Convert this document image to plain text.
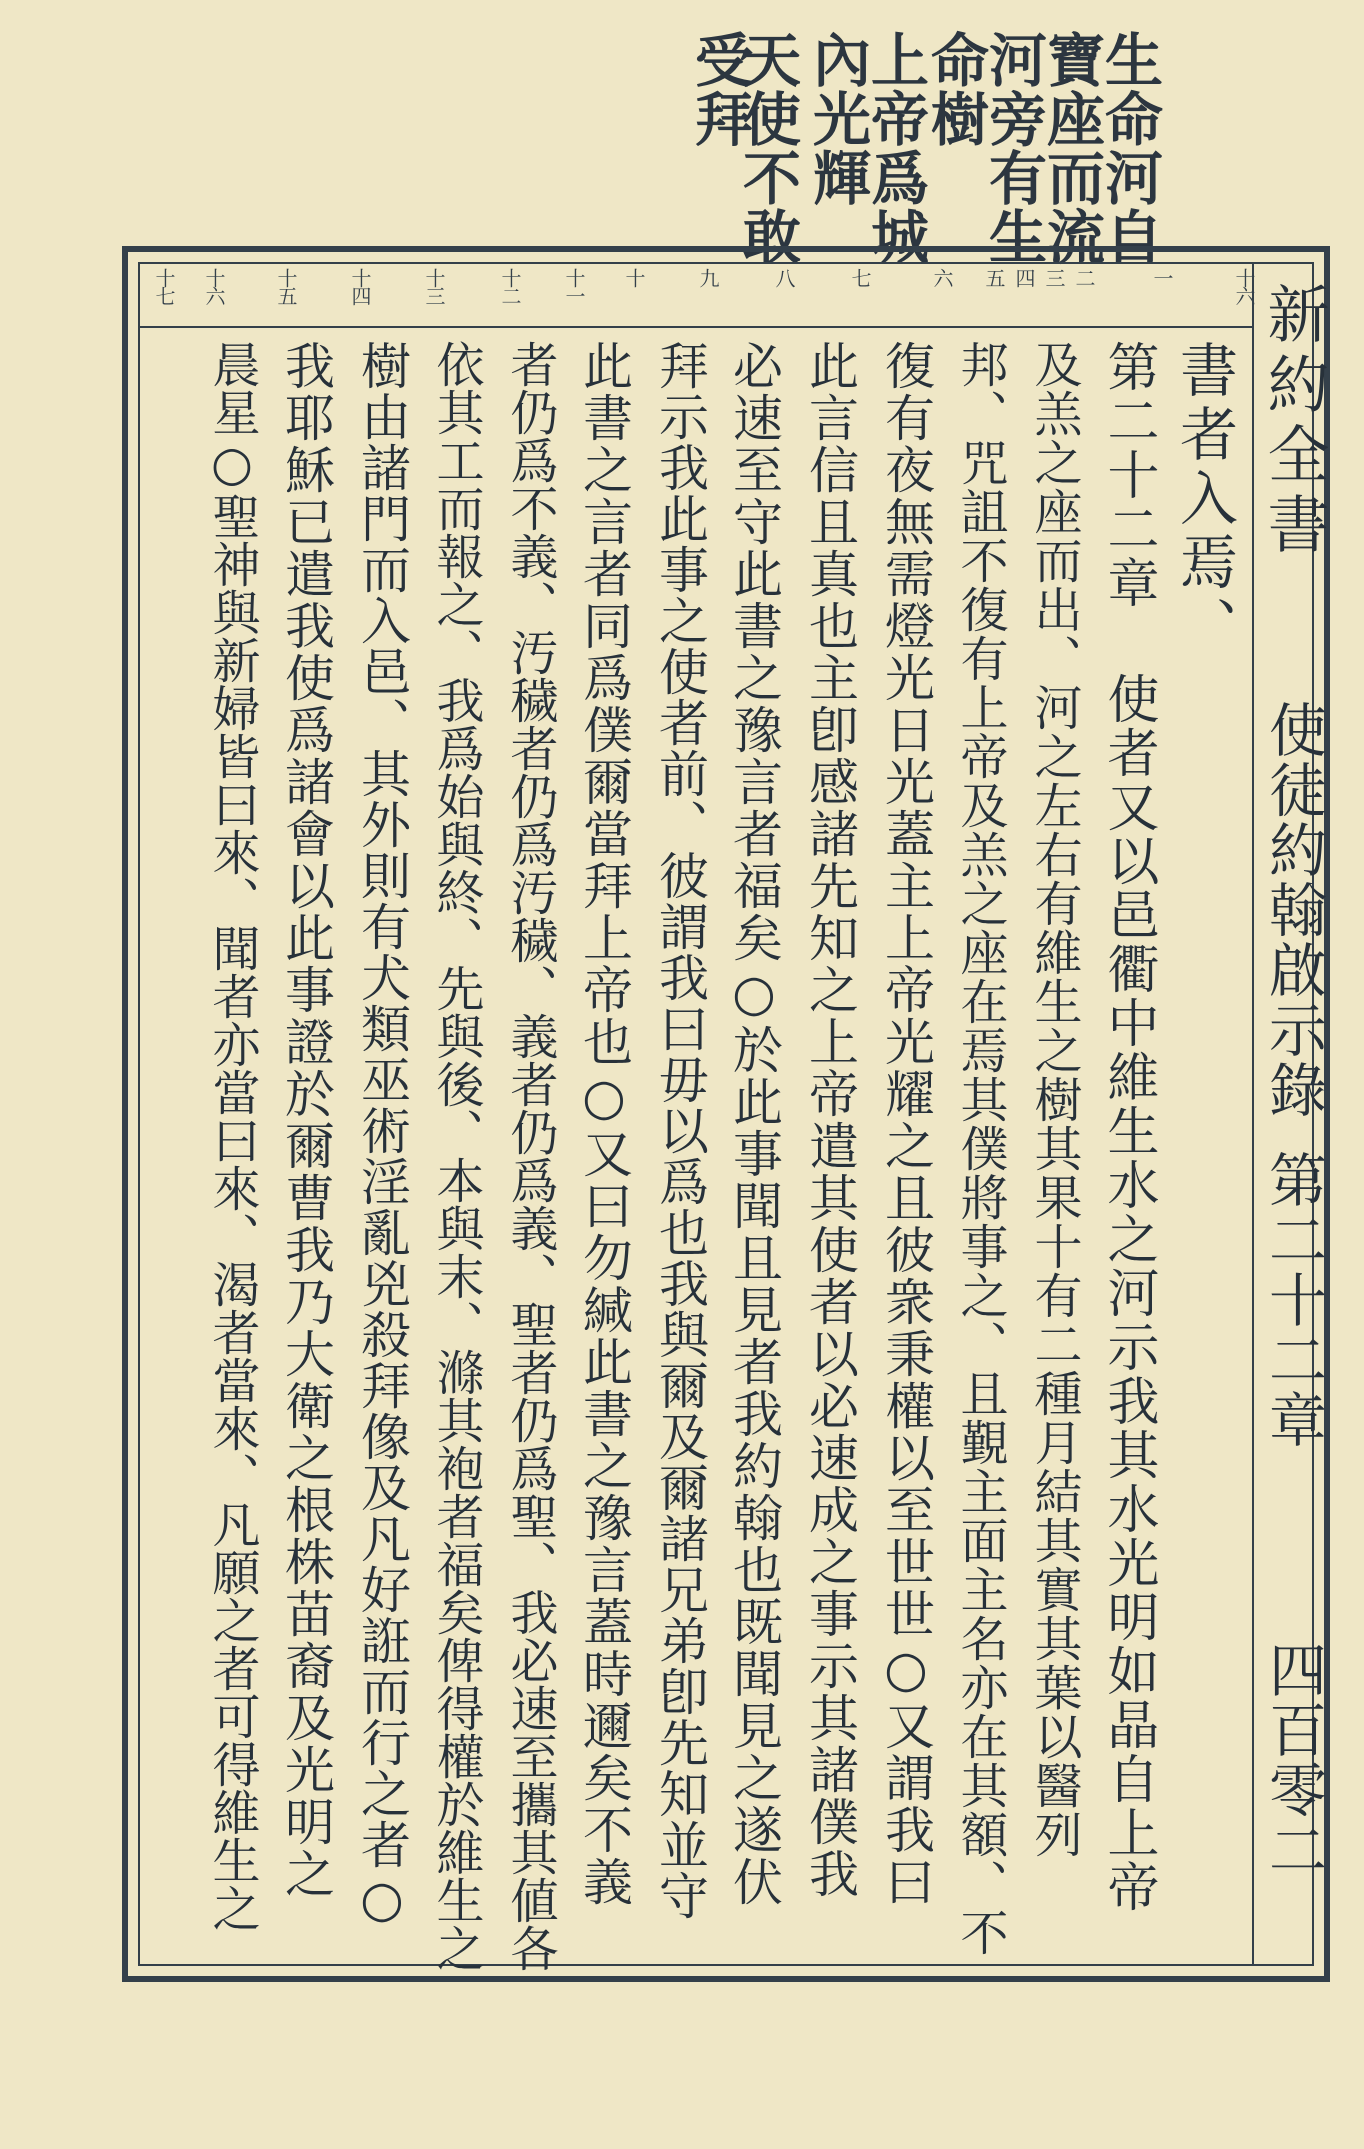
生命河自
寶座而流
河旁有生
命樹
上帝爲城
內光輝
天使不敢
受拜
十六
一
二
三
四
五
六
七
八
九
十
十一
十二
十三
十四
十五
十六
十七	新約全書
使徒約翰啟示錄
第二十二章
四百零二
書者入焉、
第二十二章 使者又以邑衢中維生水之河示我其水光明如晶自上帝
及羔之座而出、河之左右有維生之樹其果十有二種月結其實其葉以醫列
邦、咒詛不復有上帝及羔之座在焉其僕將事之、且覲主面主名亦在其額、不
復有夜無需燈光日光蓋主上帝光耀之且彼衆秉權以至世世○又謂我曰
此言信且真也主卽感諸先知之上帝遣其使者以必速成之事示其諸僕我
必速至守此書之豫言者福矣○於此事聞且見者我約翰也既聞見之遂伏
拜示我此事之使者前、彼謂我曰毋以爲也我與爾及爾諸兄弟卽先知並守
此書之言者同爲僕爾當拜上帝也○又曰勿緘此書之豫言蓋時邇矣不義
者仍爲不義、汚穢者仍爲汚穢、義者仍爲義、聖者仍爲聖、我必速至攜其値各
依其工而報之、我爲始與終、先與後、本與末、滌其袍者福矣俾得權於維生之
樹由諸門而入邑、其外則有犬類巫術淫亂兇殺拜像及凡好誑而行之者○
我耶穌已遣我使爲諸會以此事證於爾曹我乃大衛之根株苗裔及光明之
晨星○聖神與新婦皆曰來、聞者亦當曰來、渴者當來、凡願之者可得維生之
